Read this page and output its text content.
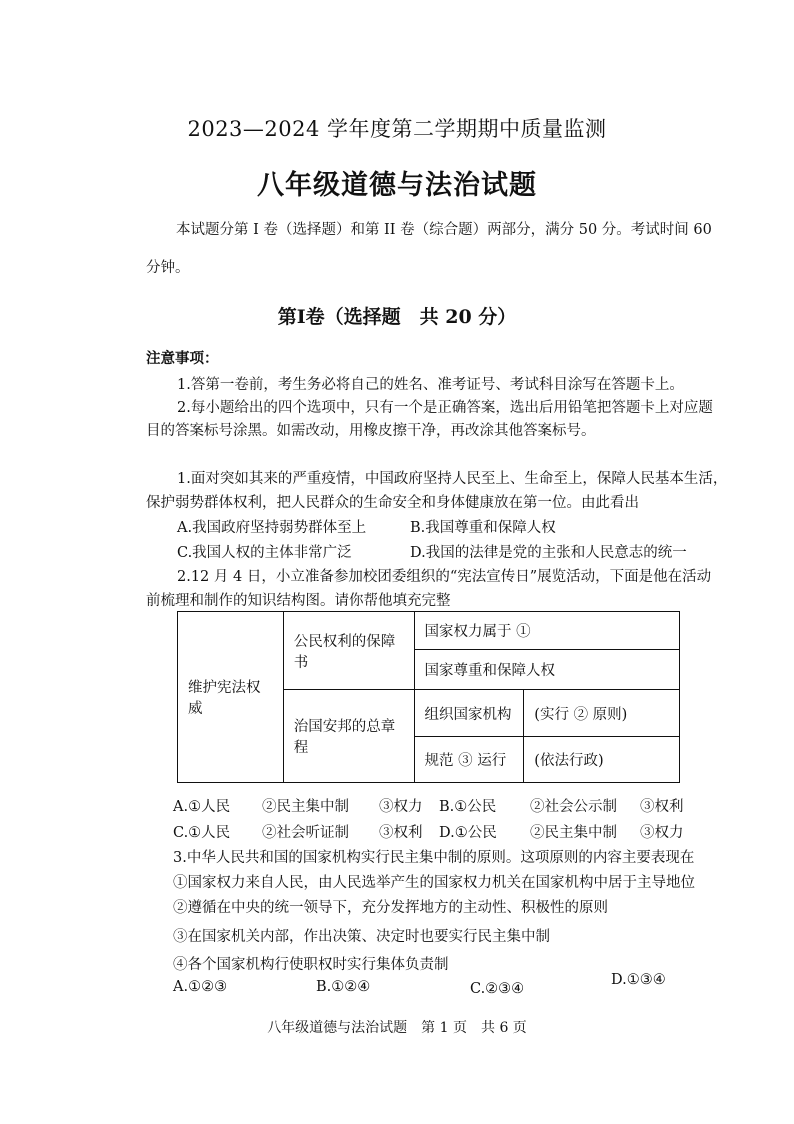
2023—2024 学年度第二学期期中质量监测
八年级道德与法治试题
本试题分第 I 卷（选择题）和第 II 卷（综合题）两部分，满分 50 分。考试时间 60
分钟。
第I卷（选择题　共 20 分）
注意事项：
1.答第一卷前，考生务必将自己的姓名、准考证号、考试科目涂写在答题卡上。
2.每小题给出的四个选项中，只有一个是正确答案，选出后用铅笔把答题卡上对应题
目的答案标号涂黑。如需改动，用橡皮擦干净，再改涂其他答案标号。
1.面对突如其来的严重疫情，中国政府坚持人民至上、生命至上，保障人民基本生活，
保护弱势群体权利，把人民群众的生命安全和身体健康放在第一位。由此看出
A.我国政府坚持弱势群体至上	B.我国尊重和保障人权
C.我国人权的主体非常广泛	D.我国的法律是党的主张和人民意志的统一
2.12 月 4 日，小立准备参加校团委组织的“宪法宣传日”展览活动，下面是他在活动
前梳理和制作的知识结构图。请你帮他填充完整
维护宪法权威	公民权利的保障书	国家权力属于 ①	
		国家尊重和保障人权	
	治国安邦的总章程	组织国家机构	(实行 ② 原则)
		规范 ③ 运行	(依法行政)
A.①人民 ②民主集中制 ③权力 B.①公民 ②社会公示制 ③权利
C.①人民 ②社会听证制 ③权利 D.①公民 ②民主集中制 ③权力
3.中华人民共和国的国家机构实行民主集中制的原则。这项原则的内容主要表现在
①国家权力来自人民，由人民选举产生的国家权力机关在国家机构中居于主导地位
②遵循在中央的统一领导下，充分发挥地方的主动性、积极性的原则
③在国家机关内部，作出决策、决定时也要实行民主集中制
④各个国家机构行使职权时实行集体负责制
A.①②③	B.①②④	C.②③④
D.①③④
八年级道德与法治试题　第 1 页　共 6 页
